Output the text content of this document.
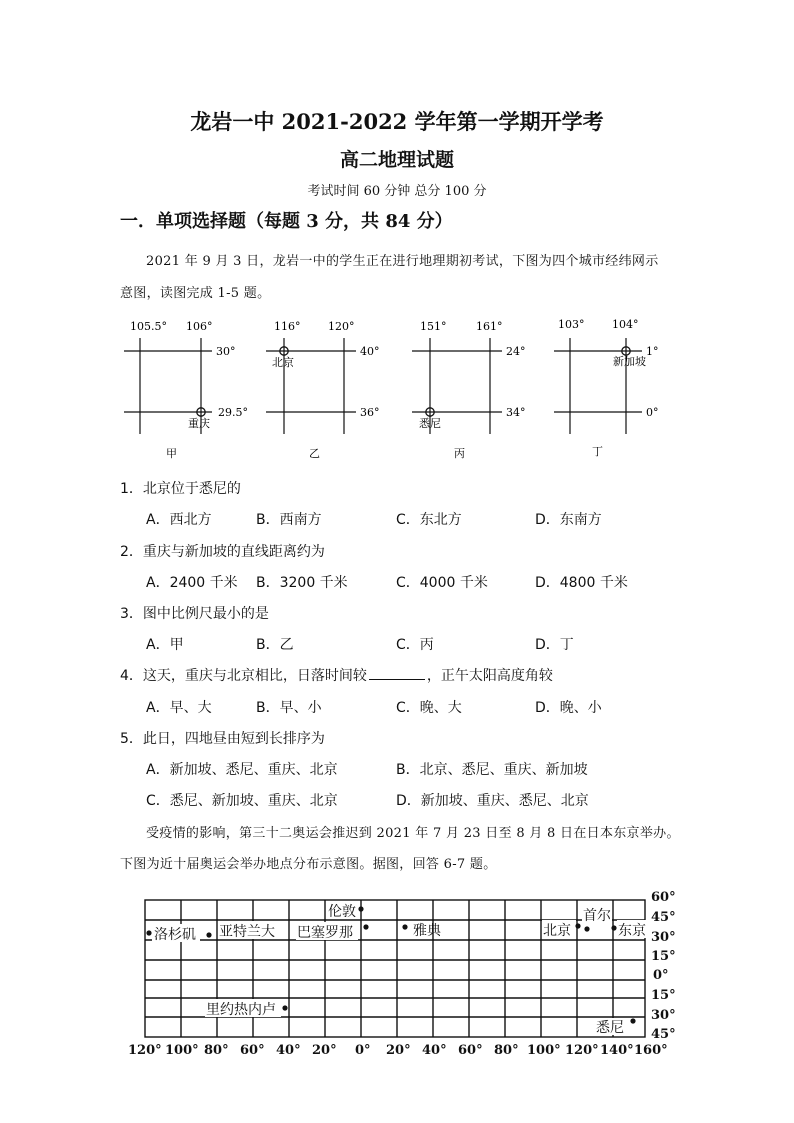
龙岩一中 2021-2022 学年第一学期开学考
高二地理试题
考试时间 60 分钟 总分 100 分
一．单项选择题（每题 3 分，共 84 分）
2021 年 9 月 3 日，龙岩一中的学生正在进行地理期初考试，下图为四个城市经纬网示
意图，读图完成 1-5 题。
105.5° 106°
30°
29.5°
重庆
甲
116°	120°
40°
36°
北京
乙
151°	161°
24°
34°
悉尼
丙
103°	104°
1°
0°
新加坡
丁
1．北京位于悉尼的
A．西北方	B．西南方	C．东北方	D．东南方
2．重庆与新加坡的直线距离约为
A．2400 千米 B．3200 千米	C．4000 千米	D．4800 千米
3．图中比例尺最小的是
A．甲	B．乙	C．丙	D．丁
4．这天，重庆与北京相比，日落时间较	，正午太阳高度角较
A．早、大	B．早、小	C．晚、大	D．晚、小
5．此日，四地昼由短到长排序为
A．新加坡、悉尼、重庆、北京	B．北京、悉尼、重庆、新加坡
C．悉尼、新加坡、重庆、北京	D．新加坡、重庆、悉尼、北京
受疫情的影响，第三十二奥运会推迟到 2021 年 7 月 23 日至 8 月 8 日在日本东京举办。
下图为近十届奥运会举办地点分布示意图。据图，回答 6-7 题。
洛杉矶 亚特兰大
伦敦
巴塞罗那	雅典	北京
首尔
东京
里约热内卢
悉尼
60°
45°
30°
15°
0°
15°
30°
45°
120° 100° 80° 60° 40° 20° 0° 20° 40° 60° 80° 100° 120° 140° 160°
